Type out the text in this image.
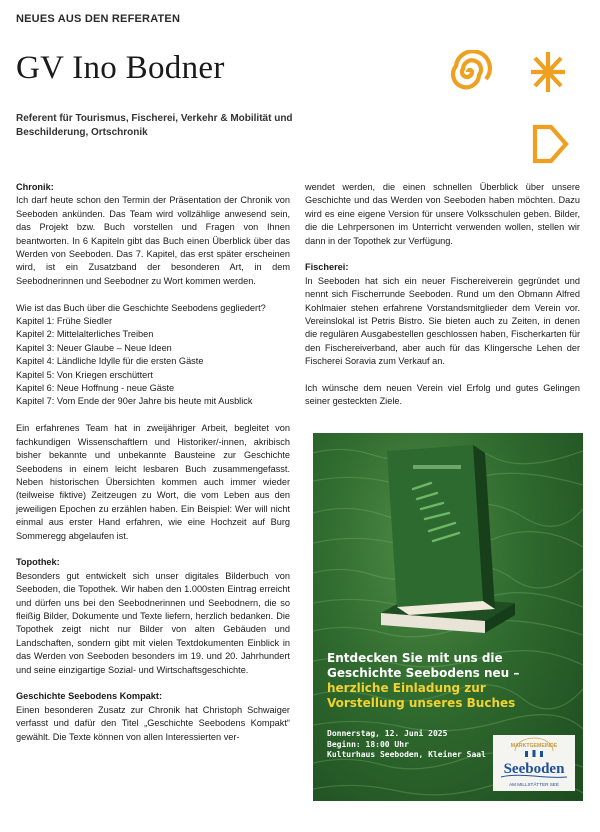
NEUES AUS DEN REFERATEN
GV Ino Bodner
Referent für Tourismus, Fischerei, Verkehr & Mobilität und Beschilderung, Ortschronik

Chronik:
Ich darf heute schon den Termin der Präsentation der Chronik von Seeboden ankünden. Das Team wird vollzählige anwesend sein, das Projekt bzw. Buch vorstellen und Fragen von Ihnen beantworten. In 6 Kapiteln gibt das Buch einen Überblick über das Werden von Seeboden. Das 7. Kapitel, das erst später erscheinen wird, ist ein Zusatzband der besonderen Art, in dem Seebodnerinnen und Seebodner zu Wort kommen werden.

Wie ist das Buch über die Geschichte Seebodens gegliedert?
Kapitel 1: Frühe Siedler
Kapitel 2: Mittelalterliches Treiben
Kapitel 3: Neuer Glaube – Neue Ideen
Kapitel 4: Ländliche Idylle für die ersten Gäste
Kapitel 5: Von Kriegen erschüttert
Kapitel 6: Neue Hoffnung - neue Gäste
Kapitel 7: Vom Ende der 90er Jahre bis heute mit Ausblick

Ein erfahrenes Team hat in zweijähriger Arbeit, begleitet von fachkundigen Wissenschaftlern und Historiker/-innen, akribisch bisher bekannte und unbekannte Bausteine zur Geschichte Seebodens in einem leicht lesbaren Buch zusammengefasst. Neben historischen Übersichten kommen auch immer wieder (teilweise fiktive) Zeitzeugen zu Wort, die vom Leben aus den jeweiligen Epochen zu erzählen haben. Ein Beispiel: Wer will nicht einmal aus erster Hand erfahren, wie eine Hochzeit auf Burg Sommeregg abgelaufen ist.

Topothek:
Besonders gut entwickelt sich unser digitales Bilderbuch von Seeboden, die Topothek. Wir haben den 1.000sten Eintrag erreicht und dürfen uns bei den Seebodnerinnen und Seebodnern, die so fleißig Bilder, Dokumente und Texte liefern, herzlich bedanken. Die Topothek zeigt nicht nur Bilder von alten Gebäuden und Landschaften, sondern gibt mit vielen Textdokumenten Einblick in das Werden von Seeboden besonders im 19. und 20. Jahrhundert und seine einzigartige Sozial- und Wirtschaftsgeschichte.

Geschichte Seebodens Kompakt:
Einen besonderen Zusatz zur Chronik hat Christoph Schwaiger verfasst und dafür den Titel „Geschichte Seebodens Kompakt“ gewählt. Die Texte können von allen Interessierten ver-

wendet werden, die einen schnellen Überblick über unsere Geschichte und das Werden von Seeboden haben möchten. Dazu wird es eine eigene Version für unsere Volksschulen geben. Bilder, die die Lehrpersonen im Unterricht verwenden wollen, stellen wir dann in der Topothek zur Verfügung.

Fischerei:
In Seeboden hat sich ein neuer Fischereiverein gegründet und nennt sich Fischerrunde Seeboden. Rund um den Obmann Alfred Kohlmaier stehen erfahrene Vorstandsmitglieder dem Verein vor. Vereinslokal ist Petris Bistro. Sie bieten auch zu Zeiten, in denen die regulären Ausgabestellen geschlossen haben, Fischerkarten für den Fischereiverband, aber auch für das Klingersche Lehen der Fischerei Soravia zum Verkauf an.

Ich wünsche dem neuen Verein viel Erfolg und gutes Gelingen seiner gesteckten Ziele.

Entdecken Sie mit uns die
Geschichte Seebodens neu –
herzliche Einladung zur
Vorstellung unseres Buches
Donnerstag, 12. Juni 2025
Beginn: 18:00 Uhr
Kulturhaus Seeboden, Kleiner Saal
MARKTGEMEINDE
Seeboden
AM MILLSTÄTTER SEE
